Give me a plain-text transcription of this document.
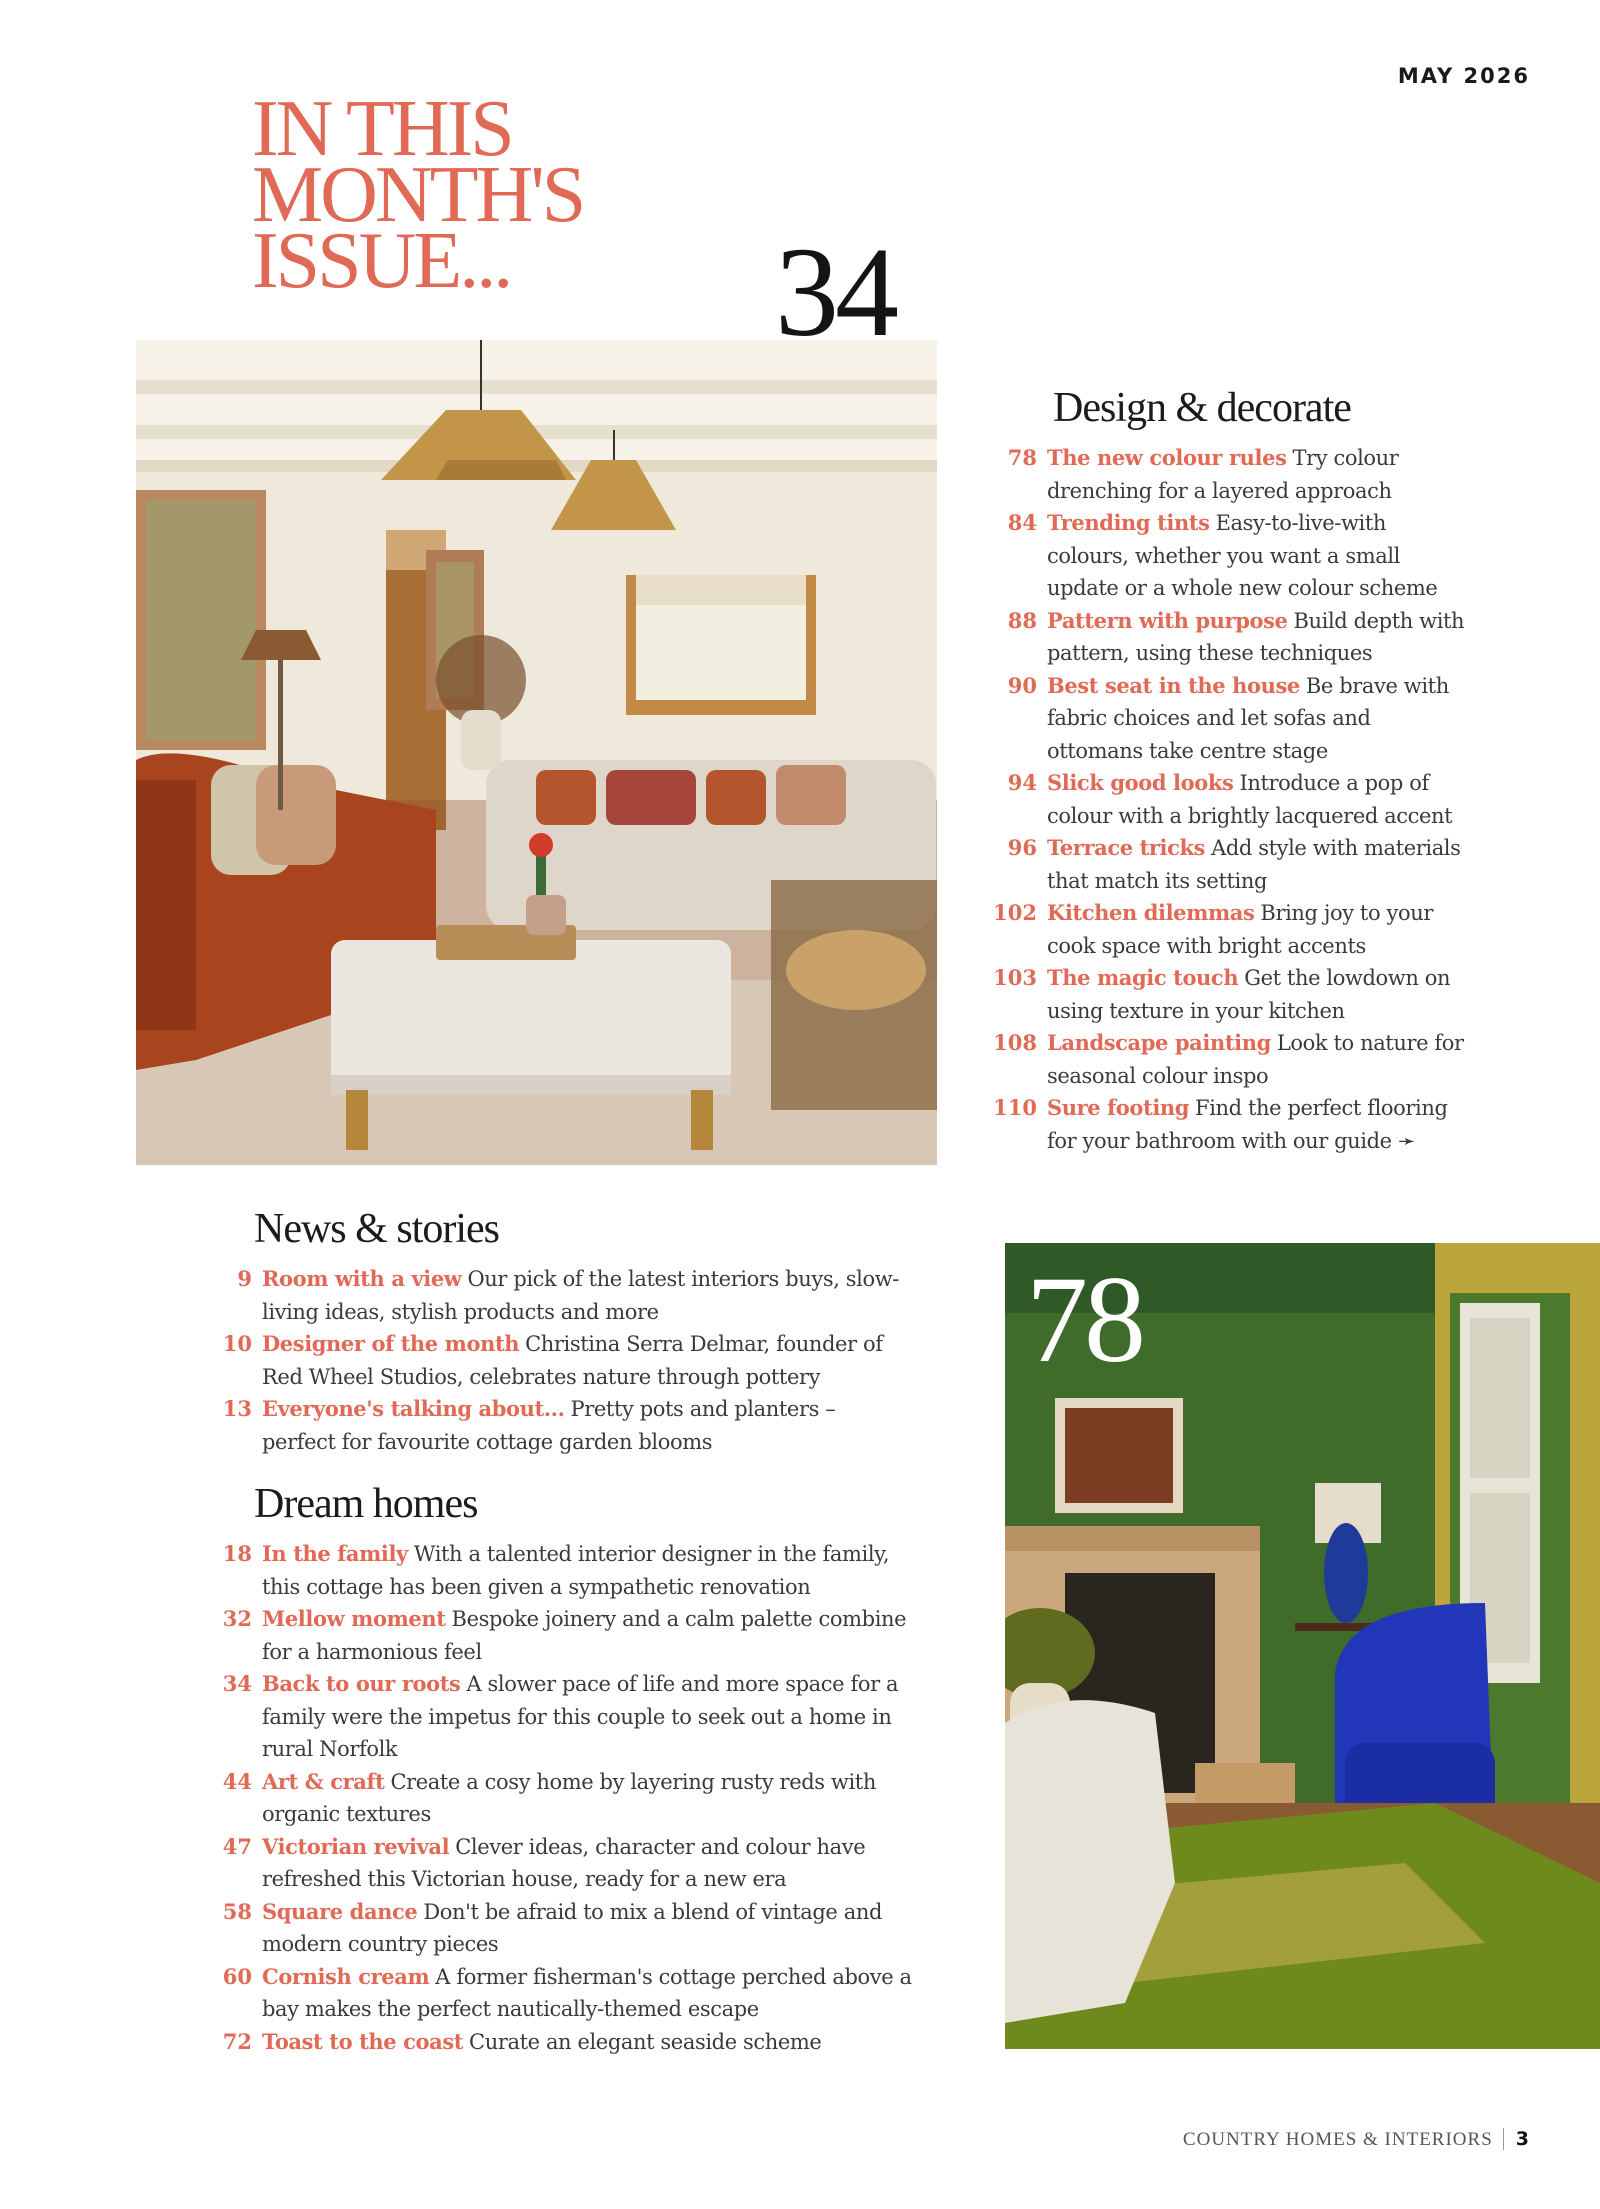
MAY 2026
IN THIS MONTH'S ISSUE...	34
Design & decorate
78 The new colour rules Try colour drenching for a layered approach
84 Trending tints Easy-to-live-with colours, whether you want a small update or a whole new colour scheme
88 Pattern with purpose Build depth with pattern, using these techniques
90 Best seat in the house Be brave with fabric choices and let sofas and ottomans take centre stage
94 Slick good looks Introduce a pop of colour with a brightly lacquered accent
96 Terrace tricks Add style with materials that match its setting
102 Kitchen dilemmas Bring joy to your cook space with bright accents
103 The magic touch Get the lowdown on using texture in your kitchen
108 Landscape painting Look to nature for seasonal colour inspo
110 Sure footing Find the perfect flooring for your bathroom with our guide ➛
News & stories
9 Room with a view Our pick of the latest interiors buys, slow-living ideas, stylish products and more
10 Designer of the month Christina Serra Delmar, founder of Red Wheel Studios, celebrates nature through pottery
13 Everyone's talking about... Pretty pots and planters – perfect for favourite cottage garden blooms
Dream homes
18 In the family With a talented interior designer in the family, this cottage has been given a sympathetic renovation
32 Mellow moment Bespoke joinery and a calm palette combine for a harmonious feel
34 Back to our roots A slower pace of life and more space for a family were the impetus for this couple to seek out a home in rural Norfolk
44 Art & craft Create a cosy home by layering rusty reds with organic textures
47 Victorian revival Clever ideas, character and colour have refreshed this Victorian house, ready for a new era
58 Square dance Don't be afraid to mix a blend of vintage and modern country pieces
60 Cornish cream A former fisherman's cottage perched above a bay makes the perfect nautically-themed escape
72 Toast to the coast Curate an elegant seaside scheme
78
COUNTRY HOMES & INTERIORS 3
